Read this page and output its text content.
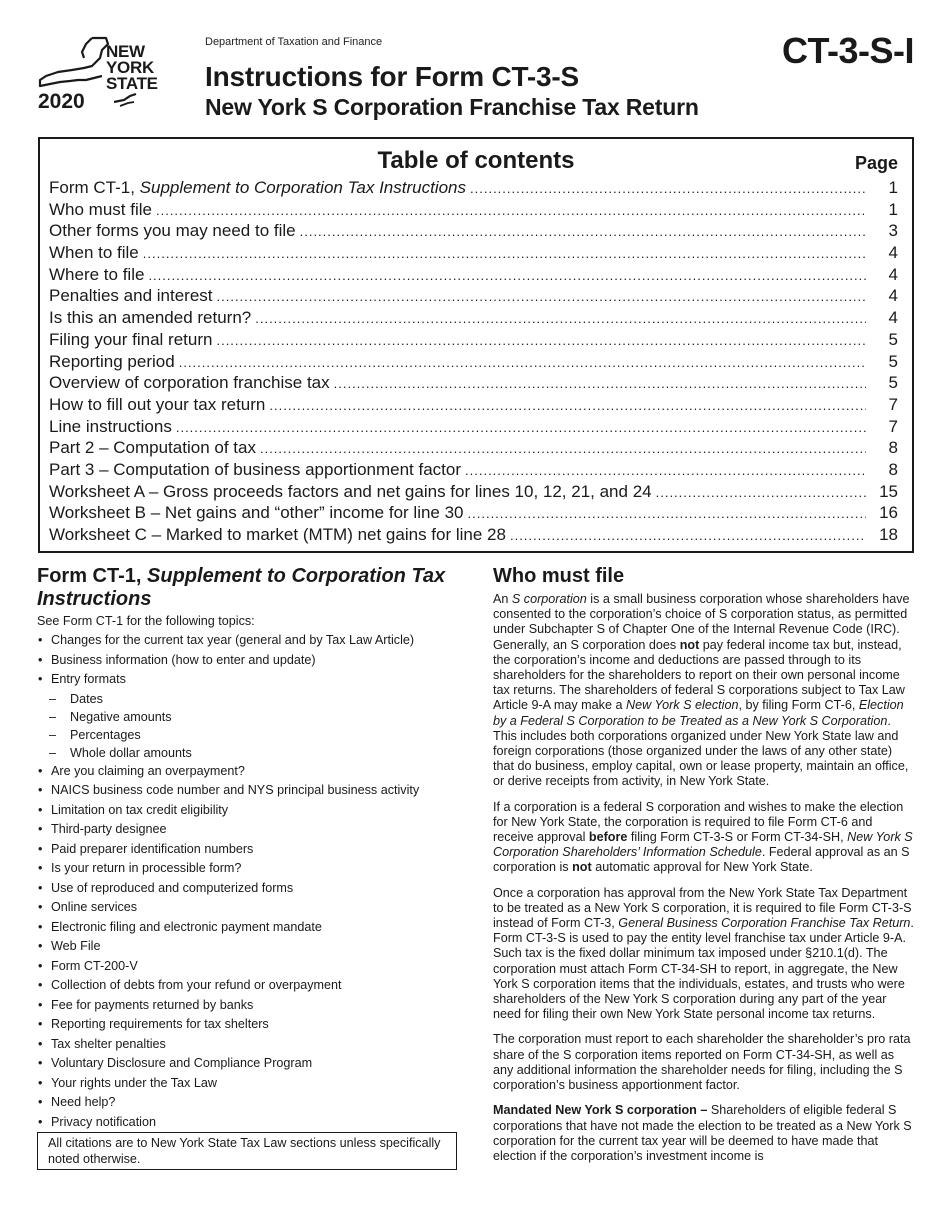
NEW
YORK
STATE
2020
Department of Taxation and Finance
Instructions for Form CT-3-S
New York S Corporation Franchise Tax Return
CT-3-S-I
Table of contents	Page
Form CT-1, Supplement to Corporation Tax Instructions .....	1
Who must file .....	1
Other forms you may need to file .....	3
When to file .....	4
Where to file .....	4
Penalties and interest .....	4
Is this an amended return? .....	4
Filing your final return .....	5
Reporting period .....	5
Overview of corporation franchise tax .....	5
How to fill out your tax return .....	7
Line instructions .....	7
Part 2 – Computation of tax .....	8
Part 3 – Computation of business apportionment factor .....	8
Worksheet A – Gross proceeds factors and net gains for lines 10, 12, 21, and 24 .....	15
Worksheet B – Net gains and “other” income for line 30 .....	16
Worksheet C – Marked to market (MTM) net gains for line 28 .....	18
Form CT-1, Supplement to Corporation Tax Instructions
See Form CT-1 for the following topics:
• Changes for the current tax year (general and by Tax Law Article)
• Business information (how to enter and update)
• Entry formats
– Dates
– Negative amounts
– Percentages
– Whole dollar amounts
• Are you claiming an overpayment?
• NAICS business code number and NYS principal business activity
• Limitation on tax credit eligibility
• Third-party designee
• Paid preparer identification numbers
• Is your return in processible form?
• Use of reproduced and computerized forms
• Online services
• Electronic filing and electronic payment mandate
• Web File
• Form CT-200-V
• Collection of debts from your refund or overpayment
• Fee for payments returned by banks
• Reporting requirements for tax shelters
• Tax shelter penalties
• Voluntary Disclosure and Compliance Program
• Your rights under the Tax Law
• Need help?
• Privacy notification
All citations are to New York State Tax Law sections unless specifically noted otherwise.
Who must file

An S corporation is a small business corporation whose shareholders have consented to the corporation’s choice of S corporation status, as permitted under Subchapter S of Chapter One of the Internal Revenue Code (IRC). Generally, an S corporation does not pay federal income tax but, instead, the corporation’s income and deductions are passed through to its shareholders for the shareholders to report on their own personal income tax returns. The shareholders of federal S corporations subject to Tax Law Article 9-A may make a New York S election, by filing Form CT-6, Election by a Federal S Corporation to be Treated as a New York S Corporation. This includes both corporations organized under New York State law and foreign corporations (those organized under the laws of any other state) that do business, employ capital, own or lease property, maintain an office, or derive receipts from activity, in New York State.

If a corporation is a federal S corporation and wishes to make the election for New York State, the corporation is required to file Form CT-6 and receive approval before filing Form CT-3-S or Form CT-34-SH, New York S Corporation Shareholders’ Information Schedule. Federal approval as an S corporation is not automatic approval for New York State.

Once a corporation has approval from the New York State Tax Department to be treated as a New York S corporation, it is required to file Form CT-3-S instead of Form CT-3, General Business Corporation Franchise Tax Return. Form CT-3-S is used to pay the entity level franchise tax under Article 9-A. Such tax is the fixed dollar minimum tax imposed under §210.1(d). The corporation must attach Form CT-34-SH to report, in aggregate, the New York S corporation items that the individuals, estates, and trusts who were shareholders of the New York S corporation during any part of the year need for filing their own New York State personal income tax returns.

The corporation must report to each shareholder the shareholder’s pro rata share of the S corporation items reported on Form CT-34-SH, as well as any additional information the shareholder needs for filing, including the S corporation’s business apportionment factor.

Mandated New York S corporation – Shareholders of eligible federal S corporations that have not made the election to be treated as a New York S corporation for the current tax year will be deemed to have made that election if the corporation’s investment income is
